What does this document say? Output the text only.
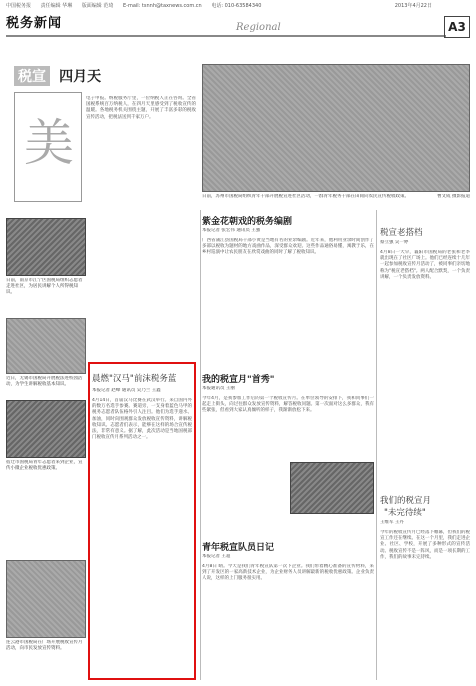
中国税务报 责任编辑 华琳 版面编辑 范琦 E-mail: tsnnh@taxnews.com.cn 电话: 010-63584340	2013年4月22日
税务新闻	Regional	A3
税宣 四月天
美
电子申报。纳税服务厅里，一位纳税人正在咨询。全省国税系统百万纳税人，在四月天里感受到了税收宣传的温暖。各地税务机关围绕主题，开展了丰富多彩的税收宣传活动，把税法送到千家万户。
日前，苏州市国税局组织青年干部开展税宣进社区活动，一群青年税务干部在田间向农民宣传税收政策。	曹文成 摄影报道
日前，南京市江宁区国税局组织志愿者走进社区，为居民讲解个人所得税知识。
近日，无锡市国税局开展税法进校园活动，为学生讲解税收基本知识。
宿迁市国税局青年志愿者来到企业，宣传小微企业税收优惠政策。
连云港市国税局在广场开展税收宣传月活动，向市民发放宣传资料。
晨燃"汉马"前沫税务蓝
本报记者 赵峰 通讯员 吴乃兰 王鑫
4月14日，首届汉马比赛在武汉举行。来自国内外的数万名选手参赛。赛道旁，一支身着蓝色马甲的税务志愿者队伍格外引人注目。他们为选手递水、加油，同时向围观群众发放税收宣传资料，讲解税收知识。志愿者们表示，能够在这样的场合宣传税法，非常有意义。据了解，此次活动是当地国税部门税收宣传月系列活动之一。
紫金花朝戏的税务编剧
本报记者 张宏伟 通讯员 王强
广西省蒲江县国税局干部小黄是当地有名的业余编剧。近年来，他利用业余时间创作了多部以税收为题材的地方戏曲作品，深受群众欢迎。这些作品通俗易懂，寓教于乐，在乡村巡演中让农民朋友在欣赏戏曲的同时了解了税收知识。
我的税宣月"首秀"
本报通讯员 王丽
今年4月，是我参加工作后的第一个税收宣传月。在单位领导的安排下，我和同事们一起走上街头，向过往群众发放宣传资料，解答税收问题。第一次面对这么多群众，我有些紧张，但看到大家认真倾听的样子，我渐渐放松下来。
青年税宣队员日记
本报记者 王超
4月8日 晴。今天是我们青年税宣队第一次下企业。我们带着精心准备的宣传材料，来到了开发区的一家高新技术企业，为企业财务人员讲解最新的税收优惠政策。企业负责人说，这样的上门服务很实用。
税宣老搭档
蔡立强 吴一婷
4月8日一大早，襄阳市国税局的老张和老李就出现在了社区广场上。他们已经连续十几年一起参加税收宣传月活动了，被同事们亲切地称为"税宣老搭档"。两人配合默契，一个负责讲解，一个负责发放资料。
我们的税宣月
"未完待续"
王维军 王丹
今年的税收宣传月已经落下帷幕，但我们的税宣工作还在继续。在这一个月里，我们走进企业、社区、学校，开展了多种形式的宣传活动。税收宣传不是一阵风，而是一项长期的工作，我们的故事未完待续。
